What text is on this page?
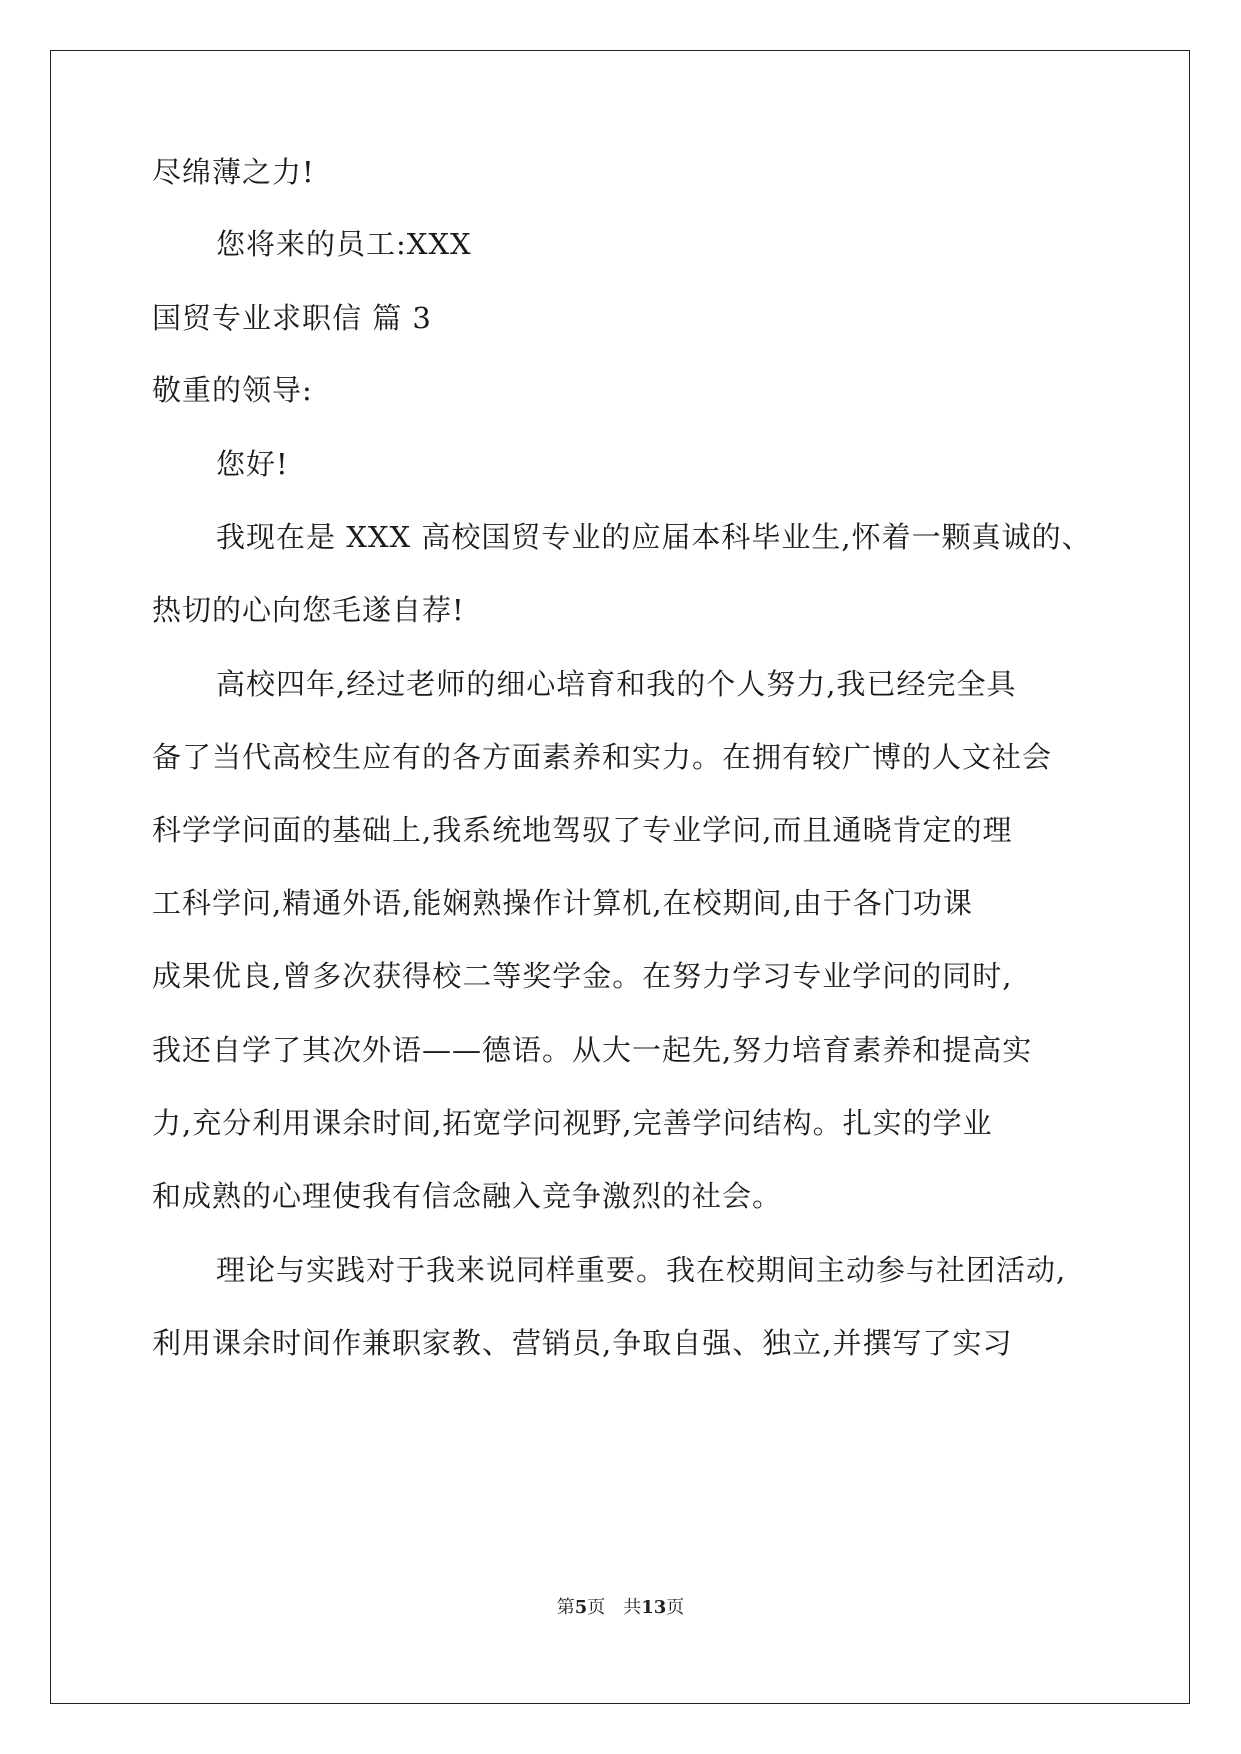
尽绵薄之力!
您将来的员工:XXX
国贸专业求职信 篇 3
敬重的领导:
您好!
我现在是 XXX 高校国贸专业的应届本科毕业生,怀着一颗真诚的、
热切的心向您毛遂自荐!
高校四年,经过老师的细心培育和我的个人努力,我已经完全具
备了当代高校生应有的各方面素养和实力。在拥有较广博的人文社会
科学学问面的基础上,我系统地驾驭了专业学问,而且通晓肯定的理
工科学问,精通外语,能娴熟操作计算机,在校期间,由于各门功课
成果优良,曾多次获得校二等奖学金。在努力学习专业学问的同时,
我还自学了其次外语——德语。从大一起先,努力培育素养和提高实
力,充分利用课余时间,拓宽学问视野,完善学问结构。扎实的学业
和成熟的心理使我有信念融入竞争激烈的社会。
理论与实践对于我来说同样重要。我在校期间主动参与社团活动,
利用课余时间作兼职家教、营销员,争取自强、独立,并撰写了实习
第5页 共13页
